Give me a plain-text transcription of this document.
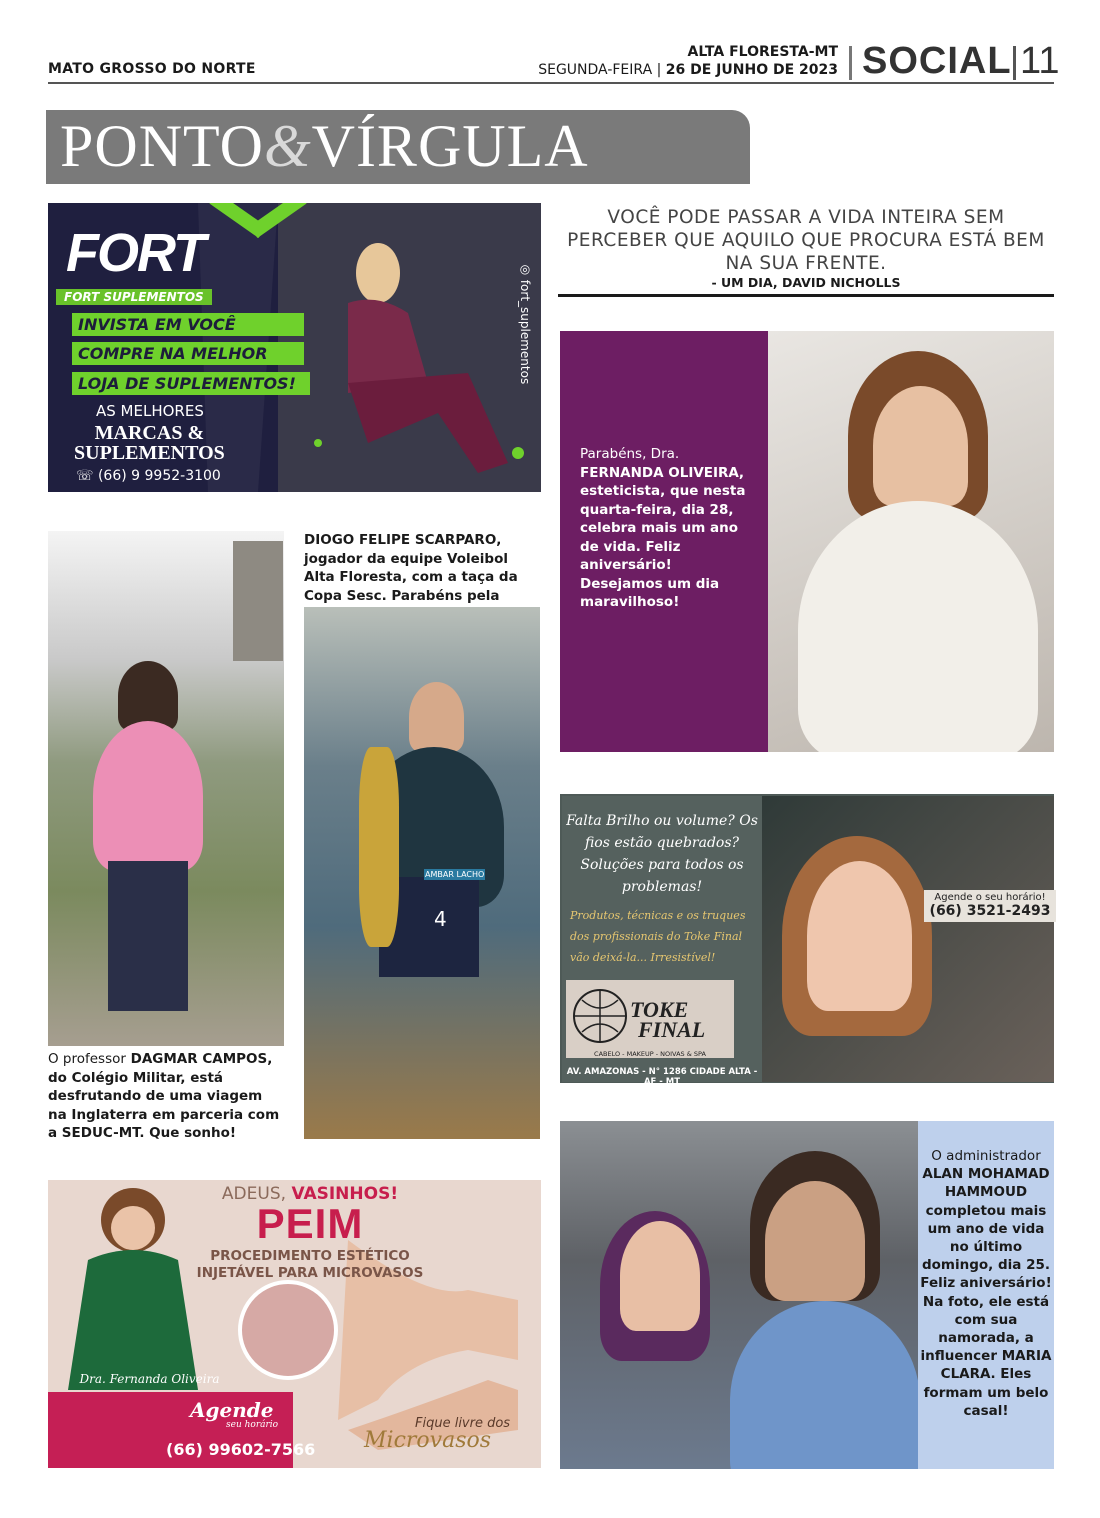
MATO GROSSO DO NORTE
ALTA FLORESTA-MT
SEGUNDA-FEIRA | 26 DE JUNHO DE 2023 SOCIAL 11
PONTO&VÍRGULA
VOCÊ PODE PASSAR A VIDA INTEIRA SEM PERCEBER QUE AQUILO QUE PROCURA ESTÁ BEM NA SUA FRENTE.
- UM DIA, DAVID NICHOLLS
FORT
FORT SUPLEMENTOS
INVISTA EM VOCÊ
COMPRE NA MELHOR
LOJA DE SUPLEMENTOS!
AS MELHORES
MARCAS &
SUPLEMENTOS
☏ (66) 9 9952-3100
◎ fort_suplementos
Parabéns, Dra. FERNANDA OLIVEIRA, esteticista, que nesta quarta-feira, dia 28, celebra mais um ano de vida. Feliz aniversário! Desejamos um dia maravilhoso!
O professor DAGMAR CAMPOS, do Colégio Militar, está desfrutando de uma viagem na Inglaterra em parceria com a SEDUC-MT. Que sonho!
DIOGO FELIPE SCARPARO, jogador da equipe Voleibol Alta Floresta, com a taça da Copa Sesc. Parabéns pela
4
AMBAR LACHO
Falta Brilho ou volume? Os fios estão quebrados? Soluções para todos os problemas!
Produtos, técnicas e os truques dos profissionais do Toke Final vão deixá-la... Irresistível!
TOKE
FINAL
CABELO - MAKEUP - NOIVAS & SPA
AV. AMAZONAS - N° 1286 CIDADE ALTA - AF - MT
Agende o seu horário!
(66) 3521-2493
O administrador ALAN MOHAMAD HAMMOUD completou mais um ano de vida no último domingo, dia 25. Feliz aniversário! Na foto, ele está com sua namorada, a influencer MARIA CLARA. Eles formam um belo casal!
ADEUS, VASINHOS!
PEIM
PROCEDIMENTO ESTÉTICO
INJETÁVEL PARA MICROVASOS
Dra. Fernanda Oliveira
Agende
seu horário
(66) 99602-7566
Fique livre dos
Microvasos
